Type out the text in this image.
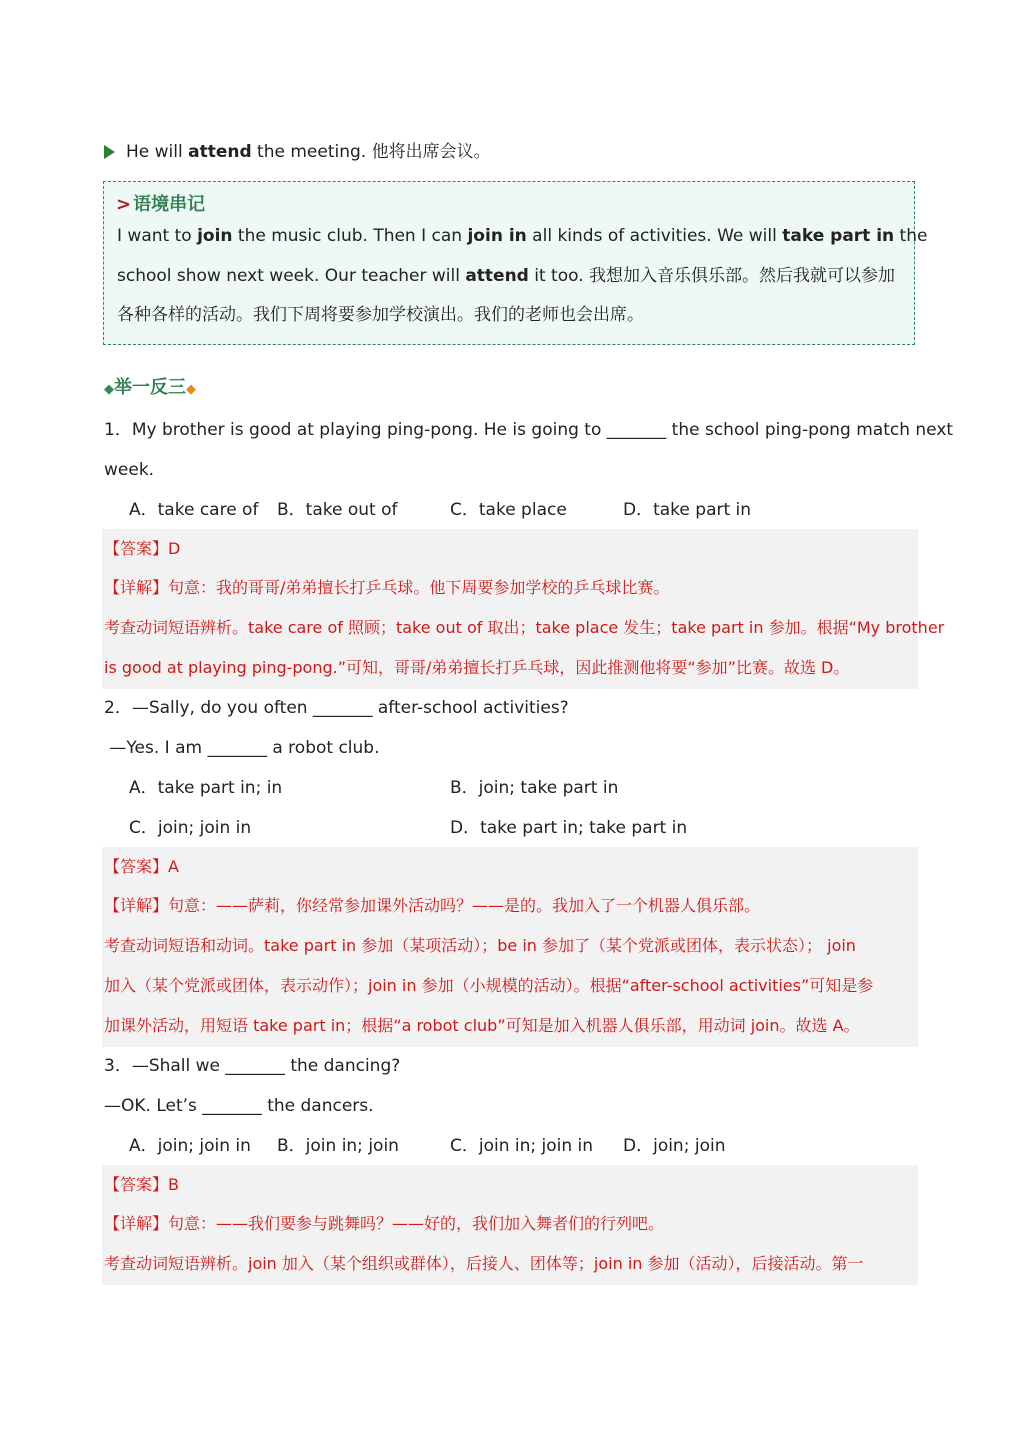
He will attend the meeting. 他将出席会议。
> 语境串记
I want to join the music club. Then I can join in all kinds of activities. We will take part in the
school show next week. Our teacher will attend it too. 我想加入音乐俱乐部。然后我就可以参加
各种各样的活动。我们下周将要参加学校演出。我们的老师也会出席。
◆举一反三◆
1．My brother is good at playing ping-pong. He is going to _______ the school ping-pong match next
week.
A．take care of B．take out of	C．take place	D．take part in
【答案】D
【详解】句意：我的哥哥/弟弟擅长打乒乓球。他下周要参加学校的乒乓球比赛。
考查动词短语辨析。take care of 照顾；take out of 取出；take place 发生；take part in 参加。根据“My brother
is good at playing ping-pong.”可知，哥哥/弟弟擅长打乒乓球，因此推测他将要“参加”比赛。故选 D。
2．—Sally, do you often _______ after-school activities?
—Yes. I am _______ a robot club.
A．take part in; in	B．join; take part in
C．join; join in	D．take part in; take part in
【答案】A
【详解】句意：——萨莉，你经常参加课外活动吗？——是的。我加入了一个机器人俱乐部。
考查动词短语和动词。take part in 参加（某项活动）；be in 参加了（某个党派或团体，表示状态）； join
加入（某个党派或团体，表示动作）；join in 参加（小规模的活动）。根据“after-school activities”可知是参
加课外活动，用短语 take part in；根据“a robot club”可知是加入机器人俱乐部，用动词 join。故选 A。
3．—Shall we _______ the dancing?
—OK. Let’s _______ the dancers.
A．join; join in B．join in; join	C．join in; join in D．join; join
【答案】B
【详解】句意：——我们要参与跳舞吗？——好的，我们加入舞者们的行列吧。
考查动词短语辨析。join 加入（某个组织或群体），后接人、团体等；join in 参加（活动），后接活动。第一
